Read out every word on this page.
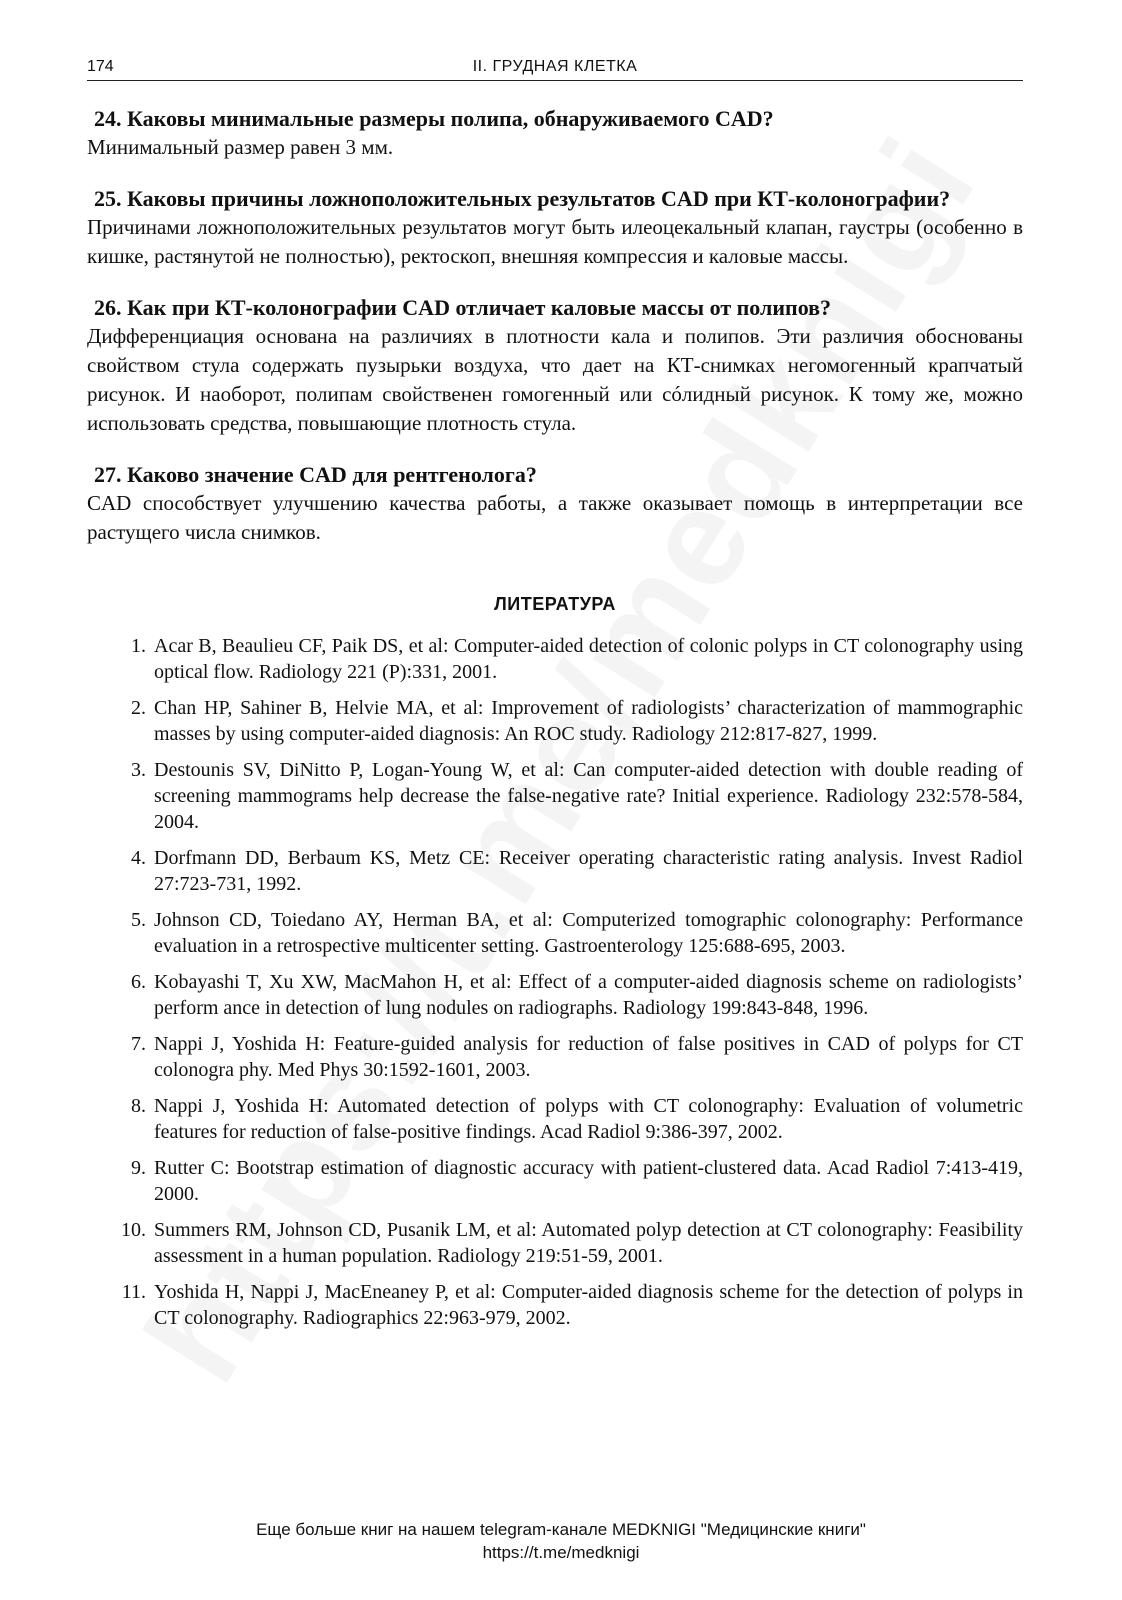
174	II. ГРУДНАЯ КЛЕТКА
24. Каковы минимальные размеры полипа, обнаруживаемого CAD?
Минимальный размер равен 3 мм.
25. Каковы причины ложноположительных результатов CAD при КТ-колонографии?
Причинами ложноположительных результатов могут быть илеоцекальный клапан, гаустры (особенно в кишке, растянутой не полностью), ректоскоп, внешняя компрессия и каловые массы.
26. Как при КТ-колонографии CAD отличает каловые массы от полипов?
Дифференциация основана на различиях в плотности кала и полипов. Эти различия обоснованы свойством стула содержать пузырьки воздуха, что дает на КТ-снимках негомогенный крапчатый рисунок. И наоборот, полипам свойственен гомогенный или сóлидный рисунок. К тому же, можно использовать средства, повышающие плотность стула.
27. Каково значение CAD для рентгенолога?
CAD способствует улучшению качества работы, а также оказывает помощь в интерпретации все растущего числа снимков.
ЛИТЕРАТУРА
1. Acar B, Beaulieu CF, Paik DS, et al: Computer-aided detection of colonic polyps in CT colonography using optical flow. Radiology 221 (P):331, 2001.
2. Chan HP, Sahiner B, Helvie MA, et al: Improvement of radiologists’ characterization of mammographic masses by using computer-aided diagnosis: An ROC study. Radiology 212:817-827, 1999.
3. Destounis SV, DiNitto P, Logan-Young W, et al: Can computer-aided detection with double reading of screening mammograms help decrease the false-negative rate? Initial experience. Radiology 232:578-584, 2004.
4. Dorfmann DD, Berbaum KS, Metz CE: Receiver operating characteristic rating analysis. Invest Radiol 27:723-731, 1992.
5. Johnson CD, Toiedano AY, Herman BA, et al: Computerized tomographic colonography: Performance evaluation in a retrospective multicenter setting. Gastroenterology 125:688-695, 2003.
6. Kobayashi T, Xu XW, MacMahon H, et al: Effect of a computer-aided diagnosis scheme on radiologists’ perform ance in detection of lung nodules on radiographs. Radiology 199:843-848, 1996.
7. Nappi J, Yoshida H: Feature-guided analysis for reduction of false positives in CAD of polyps for CT colonogra phy. Med Phys 30:1592-1601, 2003.
8. Nappi J, Yoshida H: Automated detection of polyps with CT colonography: Evaluation of volumetric features for reduction of false-positive findings. Acad Radiol 9:386-397, 2002.
9. Rutter C: Bootstrap estimation of diagnostic accuracy with patient-clustered data. Acad Radiol 7:413-419, 2000.
10. Summers RM, Johnson CD, Pusanik LM, et al: Automated polyp detection at CT colonography: Feasibility assessment in a human population. Radiology 219:51-59, 2001.
11. Yoshida H, Nappi J, MacEneaney P, et al: Computer-aided diagnosis scheme for the detection of polyps in CT colonography. Radiographics 22:963-979, 2002.
Еще больше книг на нашем telegram-канале MEDKNIGI "Медицинские книги"
https://t.me/medknigi
